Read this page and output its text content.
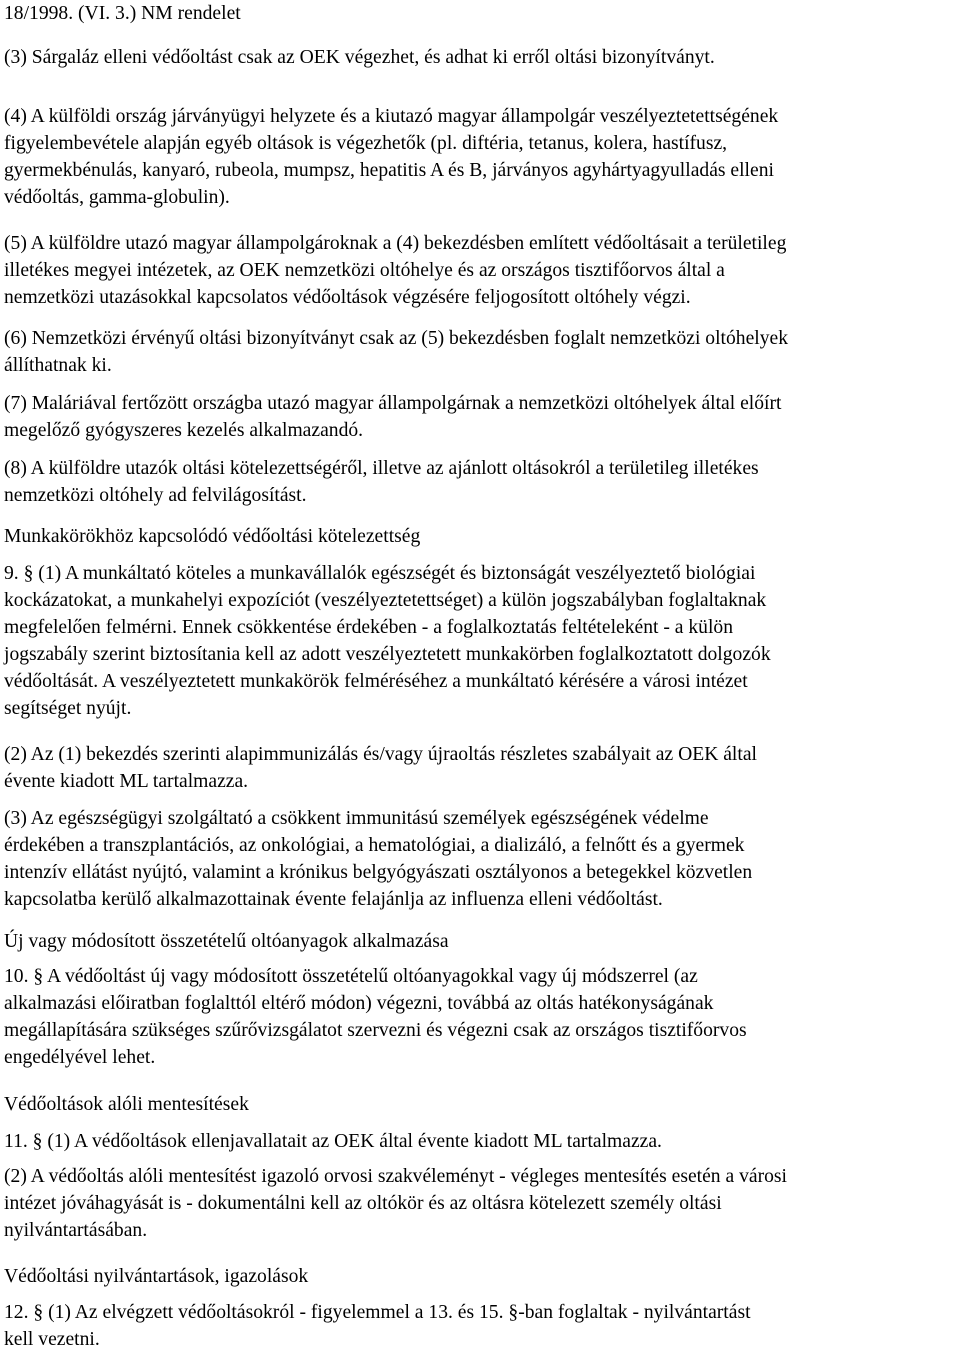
18/1998. (VI. 3.) NM rendelet

(3) Sárgaláz elleni védőoltást csak az OEK végezhet, és adhat ki erről oltási bizonyítványt.

(4) A külföldi ország járványügyi helyzete és a kiutazó magyar állampolgár veszélyeztetettségének
figyelembevétele alapján egyéb oltások is végezhetők (pl. diftéria, tetanus, kolera, hastífusz,
gyermekbénulás, kanyaró, rubeola, mumpsz, hepatitis A és B, járványos agyhártyagyulladás elleni
védőoltás, gamma-globulin).

(5) A külföldre utazó magyar állampolgároknak a (4) bekezdésben említett védőoltásait a területileg
illetékes megyei intézetek, az OEK nemzetközi oltóhelye és az országos tisztifőorvos által a
nemzetközi utazásokkal kapcsolatos védőoltások végzésére feljogosított oltóhely végzi.

(6) Nemzetközi érvényű oltási bizonyítványt csak az (5) bekezdésben foglalt nemzetközi oltóhelyek
állíthatnak ki.

(7) Maláriával fertőzött országba utazó magyar állampolgárnak a nemzetközi oltóhelyek által előírt
megelőző gyógyszeres kezelés alkalmazandó.

(8) A külföldre utazók oltási kötelezettségéről, illetve az ajánlott oltásokról a területileg illetékes
nemzetközi oltóhely ad felvilágosítást.

Munkakörökhöz kapcsolódó védőoltási kötelezettség

9. § (1) A munkáltató köteles a munkavállalók egészségét és biztonságát veszélyeztető biológiai
kockázatokat, a munkahelyi expozíciót (veszélyeztetettséget) a külön jogszabályban foglaltaknak
megfelelően felmérni. Ennek csökkentése érdekében - a foglalkoztatás feltételeként - a külön
jogszabály szerint biztosítania kell az adott veszélyeztetett munkakörben foglalkoztatott dolgozók
védőoltását. A veszélyeztetett munkakörök felméréséhez a munkáltató kérésére a városi intézet
segítséget nyújt.

(2) Az (1) bekezdés szerinti alapimmunizálás és/vagy újraoltás részletes szabályait az OEK által
évente kiadott ML tartalmazza.

(3) Az egészségügyi szolgáltató a csökkent immunitású személyek egészségének védelme
érdekében a transzplantációs, az onkológiai, a hematológiai, a dializáló, a felnőtt és a gyermek
intenzív ellátást nyújtó, valamint a krónikus belgyógyászati osztályonos a betegekkel közvetlen
kapcsolatba kerülő alkalmazottainak évente felajánlja az influenza elleni védőoltást.

Új vagy módosított összetételű oltóanyagok alkalmazása

10. § A védőoltást új vagy módosított összetételű oltóanyagokkal vagy új módszerrel (az
alkalmazási előiratban foglalttól eltérő módon) végezni, továbbá az oltás hatékonyságának
megállapítására szükséges szűrővizsgálatot szervezni és végezni csak az országos tisztifőorvos
engedélyével lehet.

Védőoltások alóli mentesítések

11. § (1) A védőoltások ellenjavallatait az OEK által évente kiadott ML tartalmazza.

(2) A védőoltás alóli mentesítést igazoló orvosi szakvéleményt - végleges mentesítés esetén a városi
intézet jóváhagyását is - dokumentálni kell az oltókör és az oltásra kötelezett személy oltási
nyilvántartásában.

Védőoltási nyilvántartások, igazolások

12. § (1) Az elvégzett védőoltásokról - figyelemmel a 13. és 15. §-ban foglaltak - nyilvántartást
kell vezetni.
